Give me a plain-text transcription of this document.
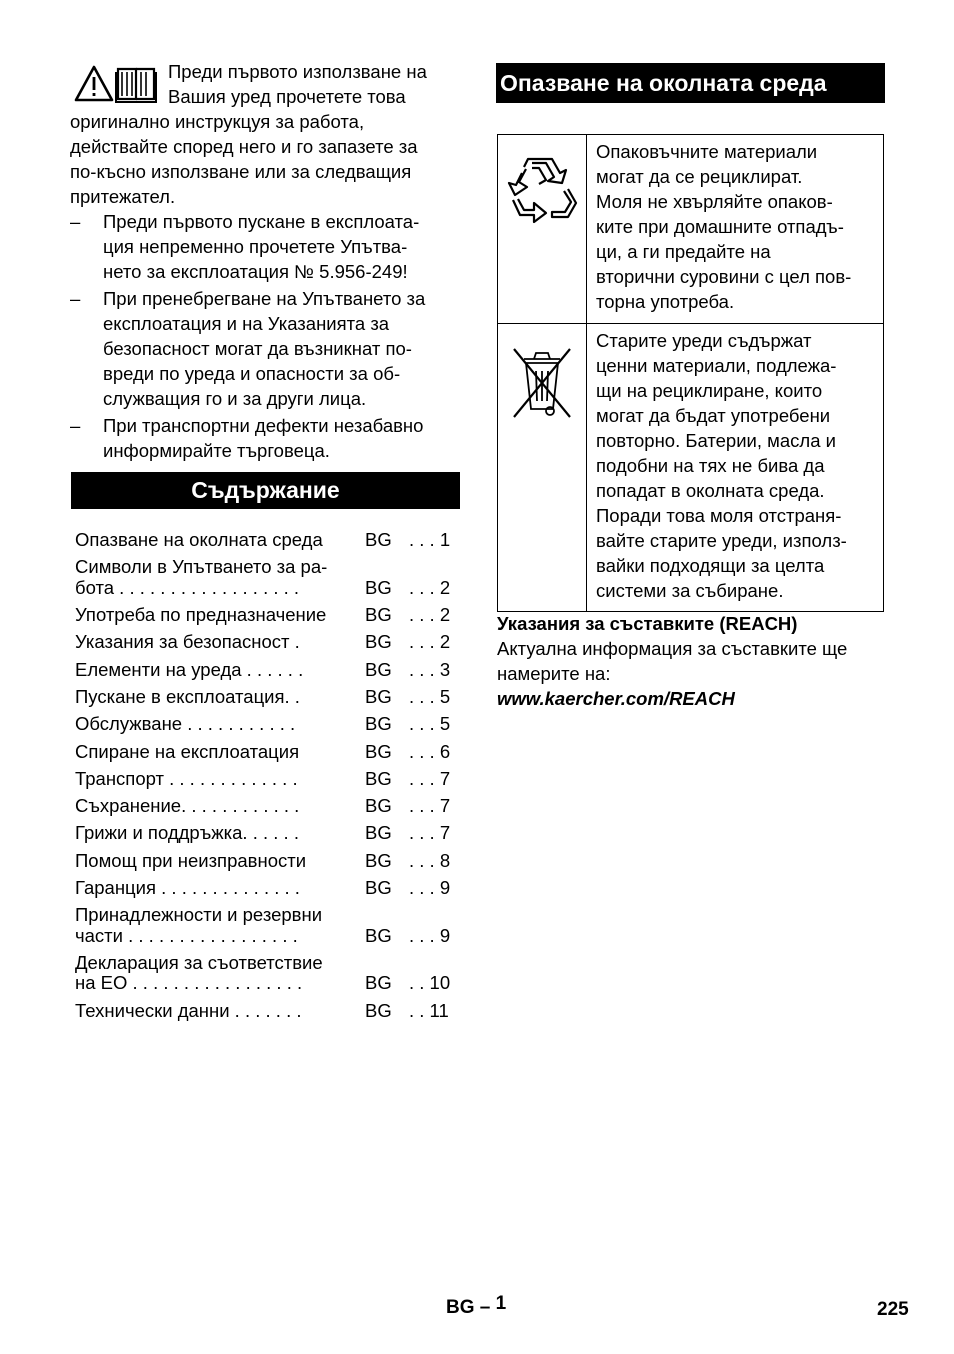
Преди първото използване на
Вашия уред прочетете това
оригинално инструкцуя за работа,
действайте според него и го запазете за
по-късно използване или за следващия
притежател.
– Преди първото пускане в експлоата-
ция непременно прочетете Упътва-
нето за експлоатация № 5.956-249!
– При пренебрегване на Упътването за
експлоатация и на Указанията за
безопасност могат да възникнат по-
вреди по уреда и опасности за об-
служващия го и за други лица.
– При транспортни дефекти незабавно
информирайте търговеца.
Съдържание
Опазване на околната среда BG . . . 1
Символи в Упътването за ра-
бота . . . . . . . . . . . . . . . . . .	BG . . . 2
Употреба по предназначение BG . . . 2
Указания за безопасност .	BG . . . 2
Елементи на уреда . . . . . .	BG . . . 3
Пускане в експлоатация. .	BG . . . 5
Обслужване . . . . . . . . . . .	BG . . . 5
Спиране на експлоатация	BG . . . 6
Транспорт . . . . . . . . . . . . .	BG . . . 7
Съхранение. . . . . . . . . . . .	BG . . . 7
Грижи и поддръжка. . . . . .	BG . . . 7
Помощ при неизправности	BG . . . 8
Гаранция . . . . . . . . . . . . . .	BG . . . 9
Принадлежности и резервни
части . . . . . . . . . . . . . . . . .	BG . . . 9
Декларация за съответствие
на ЕО . . . . . . . . . . . . . . . . .	BG . . 10
Технически данни . . . . . . .	BG . . 11
Опазване на околната среда
Опаковъчните материали
могат да се рециклират.
Моля не хвърляйте опаков-
ките при домашните отпадъ-
ци, а ги предайте на
вторични суровини с цел пов-
торна употреба.
Старите уреди съдържат
ценни материали, подлежа-
щи на рециклиране, които
могат да бъдат употребени
повторно. Батерии, масла и
подобни на тях не бива да
попадат в околната среда.
Поради това моля отстраня-
вайте старите уреди, използ-
вайки подходящи за целта
системи за събиране.
Указания за съставките (REACH)
Актуална информация за съставките ще
намерите на:
www.kaercher.com/REACH
BG – 1	225
